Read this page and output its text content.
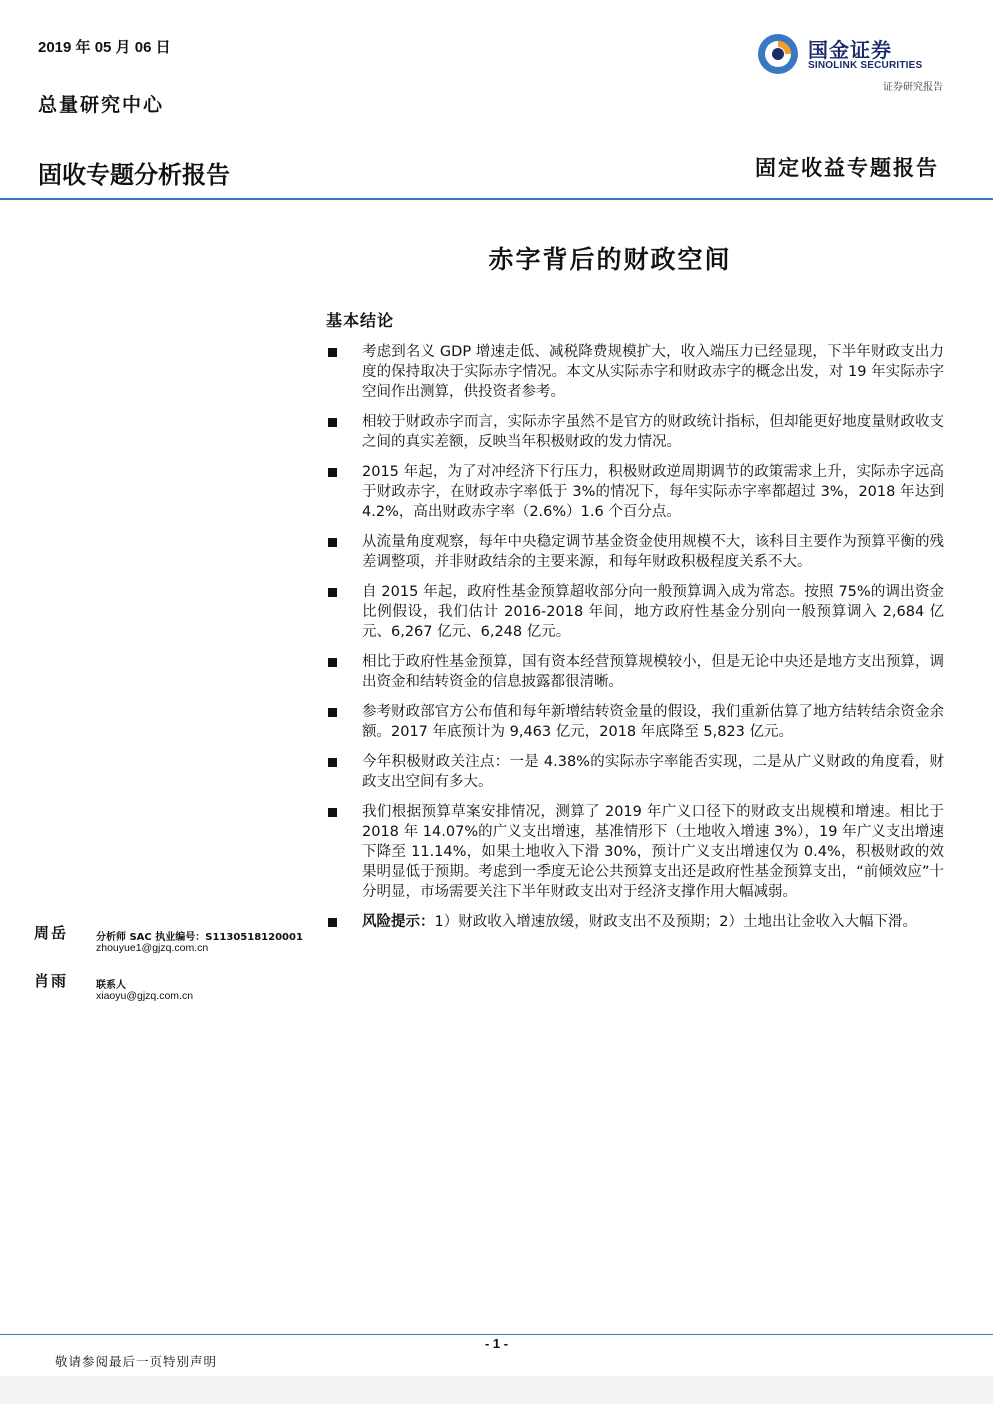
2019 年 05 月 06 日
总量研究中心
国金证券
SINOLINK SECURITIES
证券研究报告
固收专题分析报告	固定收益专题报告
赤字背后的财政空间
基本结论
考虑到名义 GDP 增速走低、减税降费规模扩大，收入端压力已经显现，下半年财政支出力度的保持取决于实际赤字情况。本文从实际赤字和财政赤字的概念出发，对 19 年实际赤字空间作出测算，供投资者参考。
相较于财政赤字而言，实际赤字虽然不是官方的财政统计指标，但却能更好地度量财政收支之间的真实差额，反映当年积极财政的发力情况。
2015 年起，为了对冲经济下行压力，积极财政逆周期调节的政策需求上升，实际赤字远高于财政赤字，在财政赤字率低于 3%的情况下，每年实际赤字率都超过 3%，2018 年达到 4.2%，高出财政赤字率（2.6%）1.6 个百分点。
从流量角度观察，每年中央稳定调节基金资金使用规模不大，该科目主要作为预算平衡的残差调整项，并非财政结余的主要来源，和每年财政积极程度关系不大。
自 2015 年起，政府性基金预算超收部分向一般预算调入成为常态。按照 75%的调出资金比例假设，我们估计 2016-2018 年间，地方政府性基金分别向一般预算调入 2,684 亿元、6,267 亿元、6,248 亿元。
相比于政府性基金预算，国有资本经营预算规模较小，但是无论中央还是地方支出预算，调出资金和结转资金的信息披露都很清晰。
参考财政部官方公布值和每年新增结转资金量的假设，我们重新估算了地方结转结余资金余额。2017 年底预计为 9,463 亿元，2018 年底降至 5,823 亿元。
今年积极财政关注点：一是 4.38%的实际赤字率能否实现，二是从广义财政的角度看，财政支出空间有多大。
我们根据预算草案安排情况，测算了 2019 年广义口径下的财政支出规模和增速。相比于 2018 年 14.07%的广义支出增速，基准情形下（土地收入增速 3%），19 年广义支出增速下降至 11.14%，如果土地收入下滑 30%，预计广义支出增速仅为 0.4%，积极财政的效果明显低于预期。考虑到一季度无论公共预算支出还是政府性基金预算支出，“前倾效应”十分明显，市场需要关注下半年财政支出对于经济支撑作用大幅减弱。
风险提示：1）财政收入增速放缓，财政支出不及预期；2）土地出让金收入大幅下滑。
周岳	分析师 SAC 执业编号：S1130518120001
zhouyue1@gjzq.com.cn
肖雨	联系人
xiaoyu@gjzq.com.cn
- 1 -
敬请参阅最后一页特别声明
